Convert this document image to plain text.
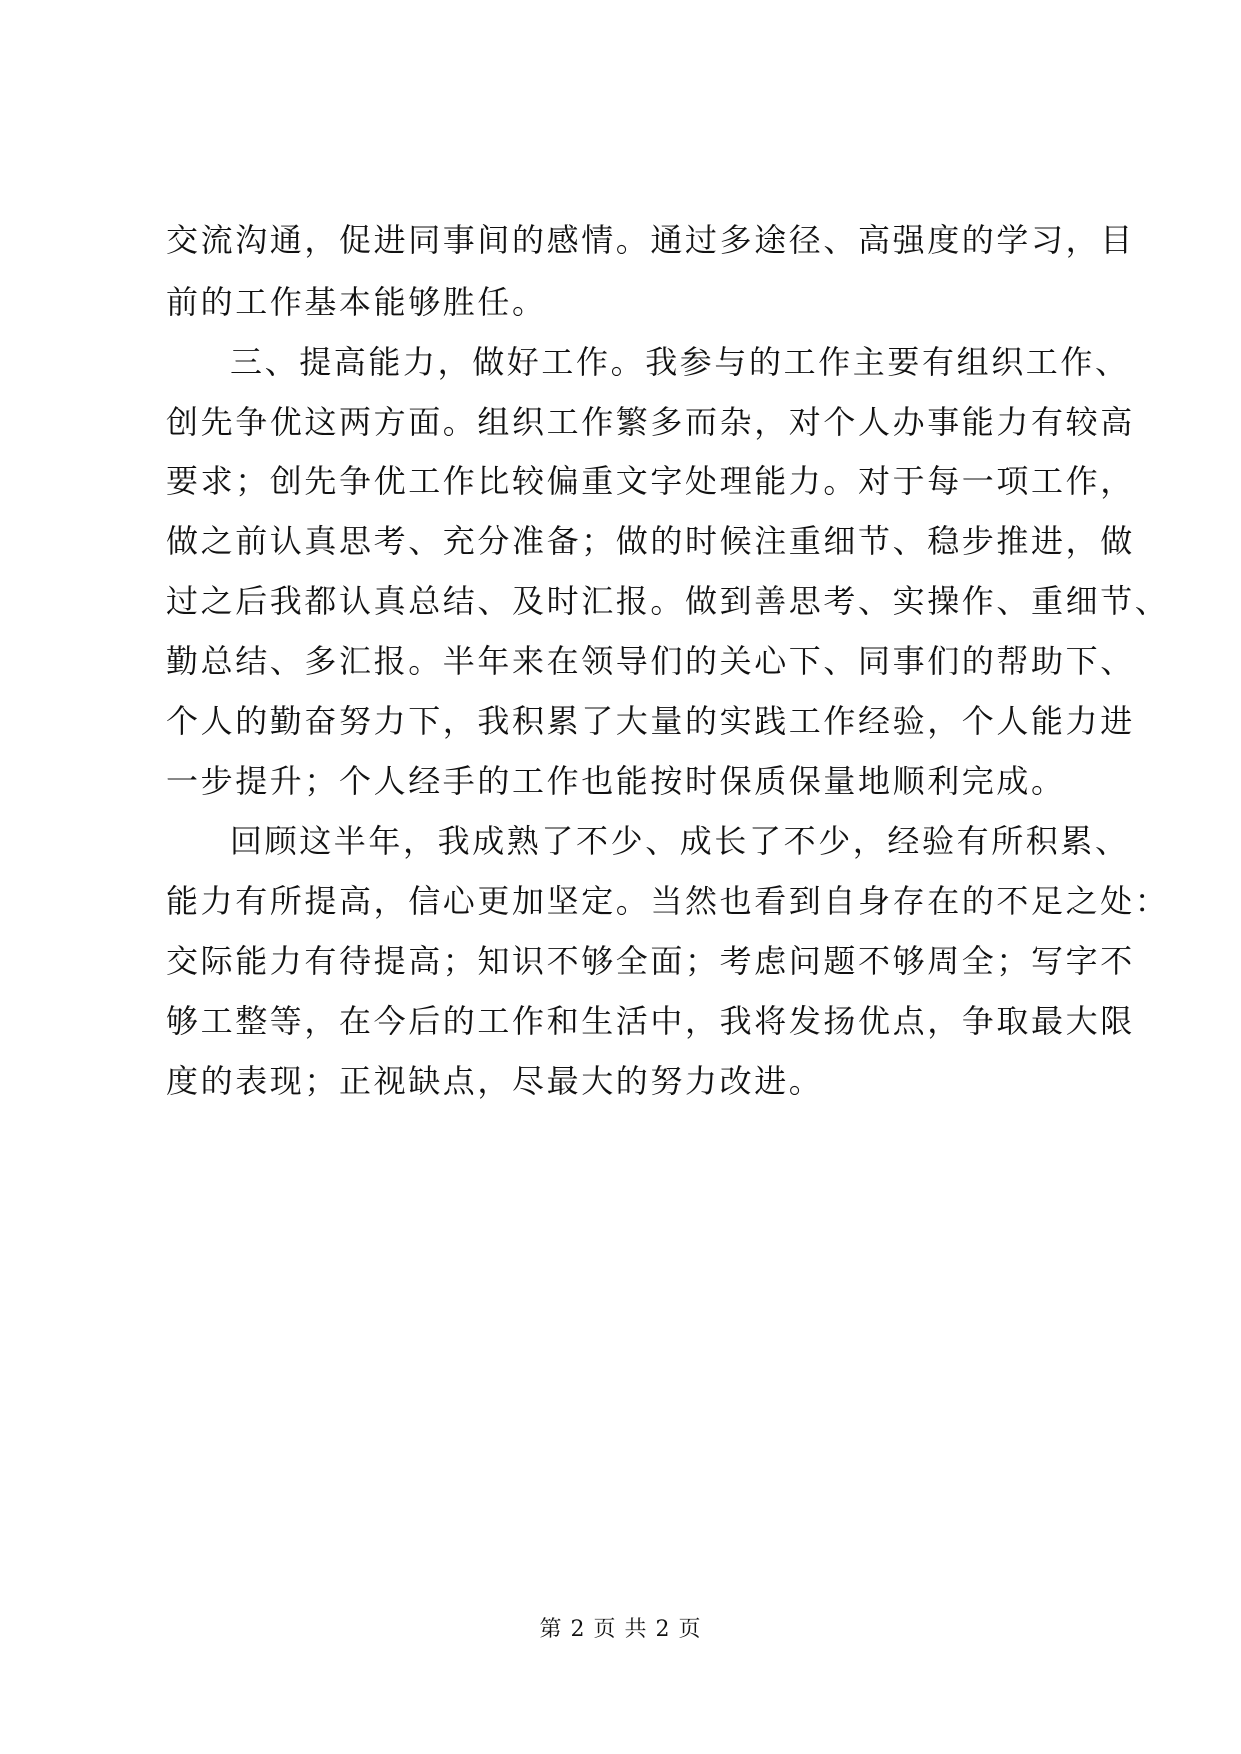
交流沟通，促进同事间的感情。通过多途径、高强度的学习，目
前的工作基本能够胜任。
三、提高能力，做好工作。我参与的工作主要有组织工作、
创先争优这两方面。组织工作繁多而杂，对个人办事能力有较高
要求；创先争优工作比较偏重文字处理能力。对于每一项工作，
做之前认真思考、充分准备；做的时候注重细节、稳步推进，做
过之后我都认真总结、及时汇报。做到善思考、实操作、重细节、
勤总结、多汇报。半年来在领导们的关心下、同事们的帮助下、
个人的勤奋努力下，我积累了大量的实践工作经验，个人能力进
一步提升；个人经手的工作也能按时保质保量地顺利完成。
回顾这半年，我成熟了不少、成长了不少，经验有所积累、
能力有所提高，信心更加坚定。当然也看到自身存在的不足之处：
交际能力有待提高；知识不够全面；考虑问题不够周全；写字不
够工整等，在今后的工作和生活中，我将发扬优点，争取最大限
度的表现；正视缺点，尽最大的努力改进。
第 2 页 共 2 页
